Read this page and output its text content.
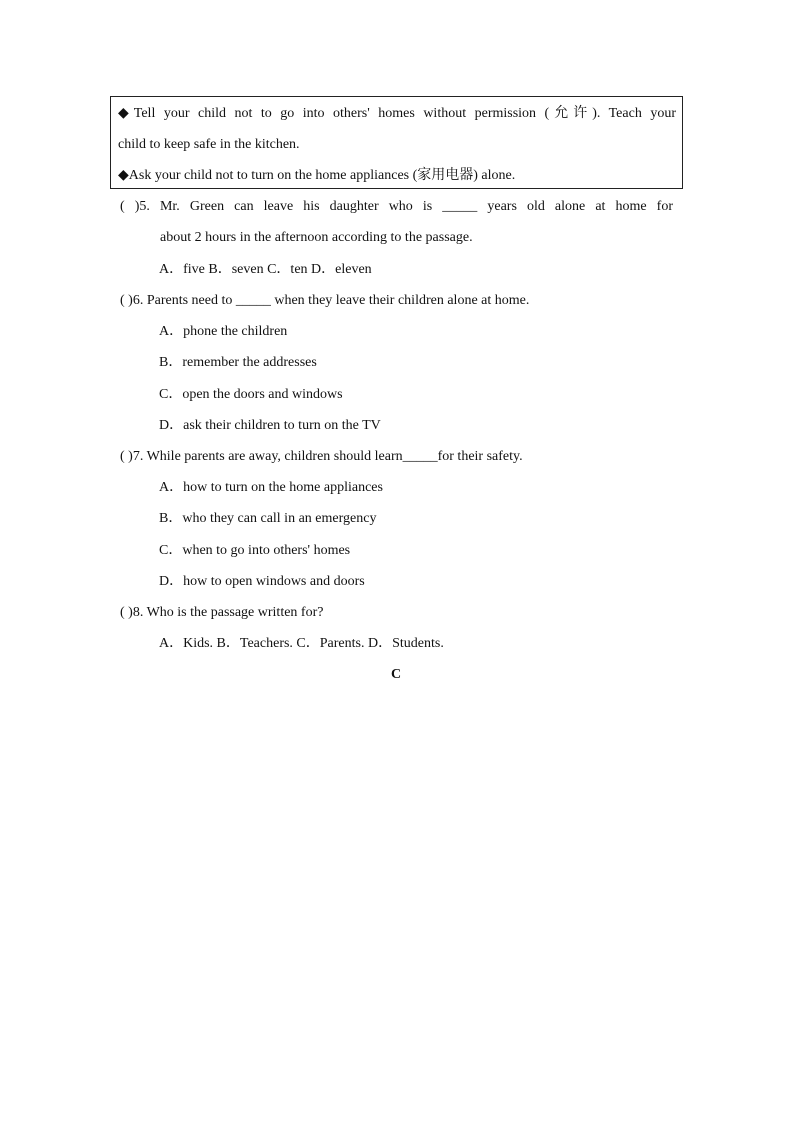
◆Tell your child not to go into others' homes without permission (允许). Teach your
child to keep safe in the kitchen.
◆Ask your child not to turn on the home appliances (家用电器) alone.
( )5. Mr. Green can leave his daughter who is _____ years old alone at home for
about 2 hours in the afternoon according to the passage.
A．five B．seven C．ten D．eleven
( )6. Parents need to _____ when they leave their children alone at home.
A．phone the children
B．remember the addresses
C．open the doors and windows
D．ask their children to turn on the TV
( )7. While parents are away, children should learn_____for their safety.
A．how to turn on the home appliances
B．who they can call in an emergency
C．when to go into others' homes
D．how to open windows and doors
( )8. Who is the passage written for?
A．Kids. B．Teachers. C．Parents. D．Students.
C
